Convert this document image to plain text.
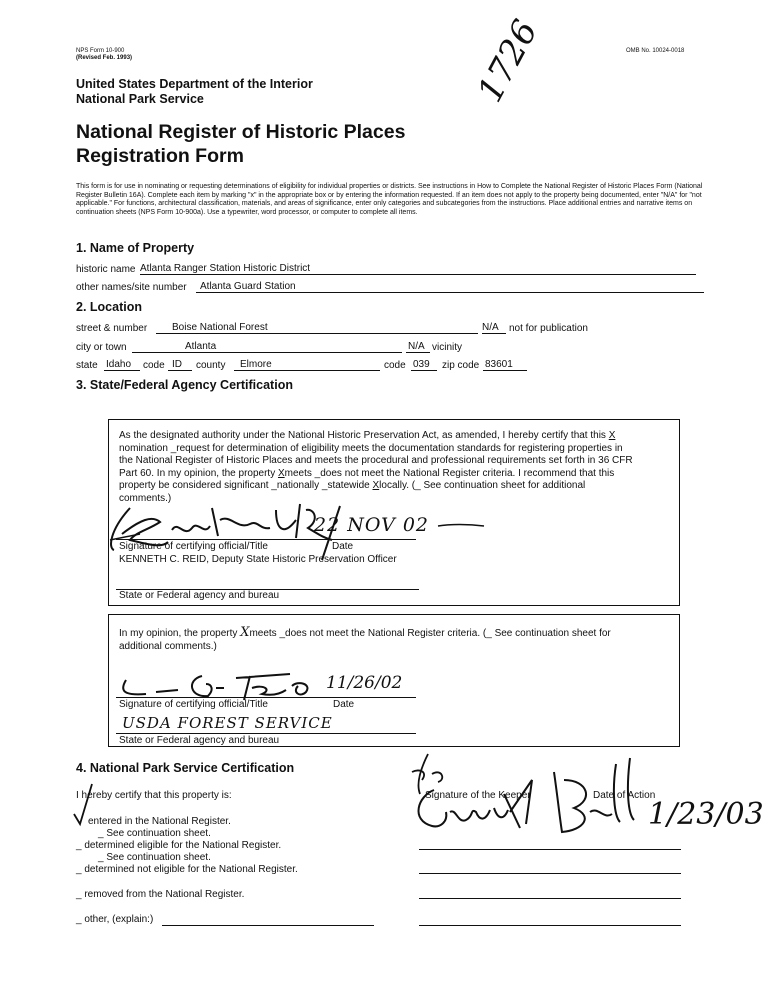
NPS Form 10-900
(Revised Feb. 1993)
OMB No. 10024-0018
United States Department of the Interior
National Park Service
National Register of Historic Places
Registration Form
1726
This form is for use in nominating or requesting determinations of eligibility for individual properties or districts. See instructions in How to Complete the National Register of Historic Places Form (National Register Bulletin 16A). Complete each item by marking "x" in the appropriate box or by entering the information requested. If an item does not apply to the property being documented, enter "N/A" for "not applicable." For functions, architectural classification, materials, and areas of significance, enter only categories and subcategories from the instructions. Place additional entries and narrative items on continuation sheets (NPS Form 10-900a). Use a typewriter, word processor, or computer to complete all items.
1. Name of Property
historic name Atlanta Ranger Station Historic District
other names/site number	Atlanta Guard Station
2. Location
street & number	Boise National Forest	N/A	not for publication
city or town	Atlanta	N/A vicinity
state Idaho	code ID	county	Elmore	code 039	zip code 83601
3. State/Federal Agency Certification
As the designated authority under the National Historic Preservation Act, as amended, I hereby certify that this X
nomination _request for determination of eligibility meets the documentation standards for registering properties in
the National Register of Historic Places and meets the procedural and professional requirements set forth in 36 CFR
Part 60. In my opinion, the property Xmeets _does not meet the National Register criteria. I recommend that this
property be considered significant _nationally _statewide Xlocally. (_ See continuation sheet for additional
comments.)
22 NOV 02
Signature of certifying official/Title	Date
KENNETH C. REID, Deputy State Historic Preservation Officer
State or Federal agency and bureau
In my opinion, the property Xmeets _does not meet the National Register criteria. (_ See continuation sheet for
additional comments.)
11/26/02
Signature of certifying official/Title	Date
USDA FOREST SERVICE
State or Federal agency and bureau
4. National Park Service Certification
I hereby certify that this property is:
entered in the National Register.
_ See continuation sheet.
_ determined eligible for the National Register.
_ See continuation sheet.
_ determined not eligible for the National Register.
_ removed from the National Register.
_ other, (explain:)
Signature of the Keeper	Date of Action
1/23/03
